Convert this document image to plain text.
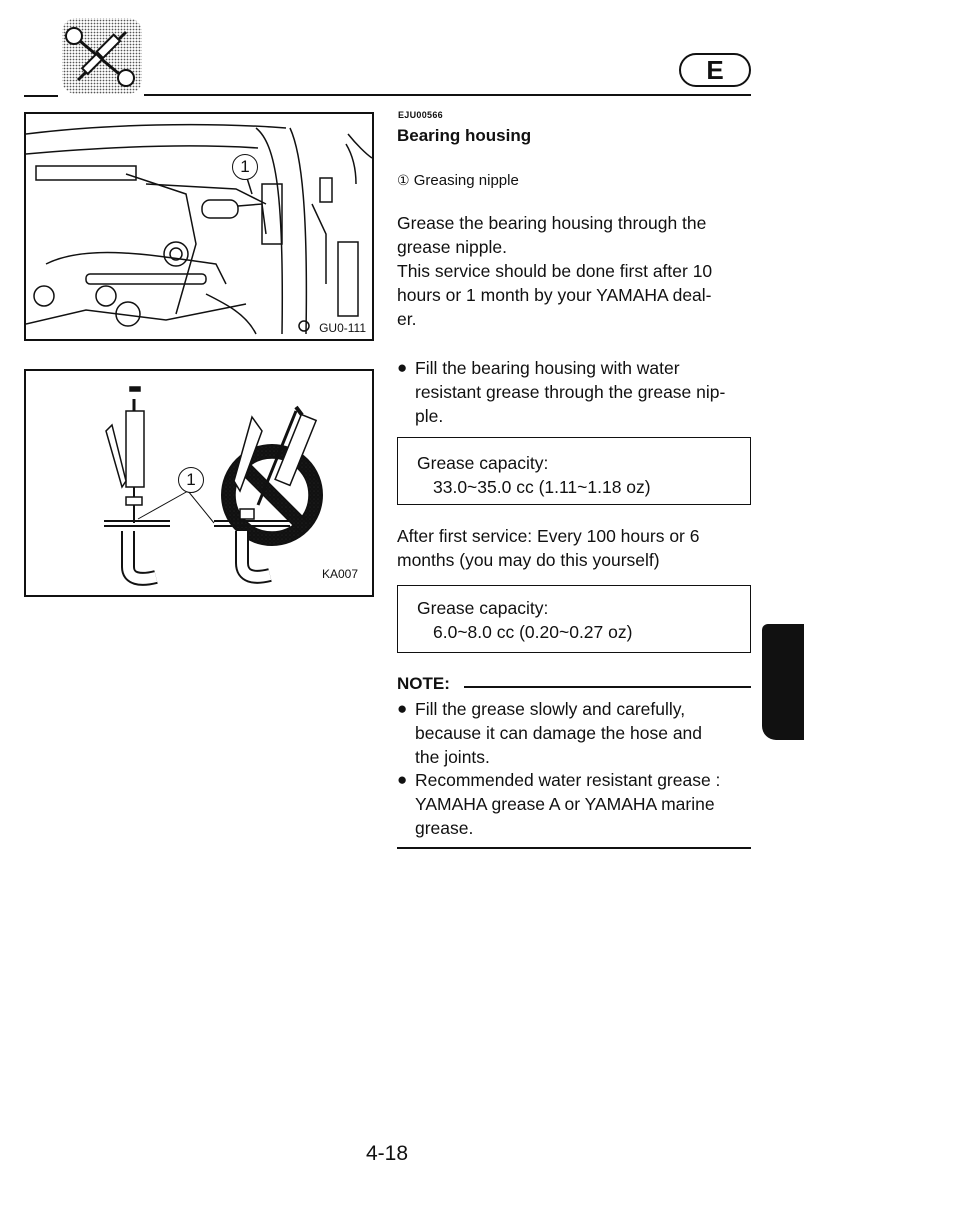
E
1
GU0-111
1
KA007
EJU00566
Bearing housing
① Greasing nipple
Grease the bearing housing through the
grease nipple.
This service should be done first after 10
hours or 1 month by your YAMAHA deal-
er.
● Fill the bearing housing with water
resistant grease through the grease nip-
ple.
Grease capacity:
33.0~35.0 cc (1.11~1.18 oz)
After first service: Every 100 hours or 6
months (you may do this yourself)
Grease capacity:
6.0~8.0 cc (0.20~0.27 oz)
NOTE:
● Fill the grease slowly and carefully,
because it can damage the hose and
the joints.
● Recommended water resistant grease :
YAMAHA grease A or YAMAHA marine
grease.
4-18
